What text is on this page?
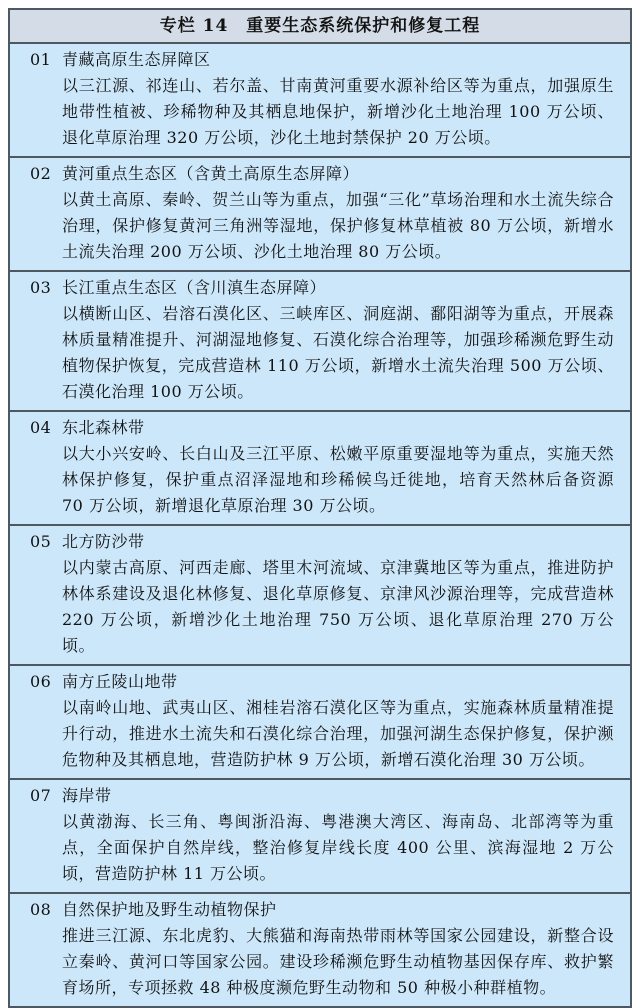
专栏 14　重要生态系统保护和修复工程
01 青藏高原生态屏障区
以三江源、祁连山、若尔盖、甘南黄河重要水源补给区等为重点，加强原生地带性植被、珍稀物种及其栖息地保护，新增沙化土地治理 100 万公顷、退化草原治理 320 万公顷，沙化土地封禁保护 20 万公顷。
02 黄河重点生态区（含黄土高原生态屏障）
以黄土高原、秦岭、贺兰山等为重点，加强“三化”草场治理和水土流失综合治理，保护修复黄河三角洲等湿地，保护修复林草植被 80 万公顷，新增水土流失治理 200 万公顷、沙化土地治理 80 万公顷。
03 长江重点生态区（含川滇生态屏障）
以横断山区、岩溶石漠化区、三峡库区、洞庭湖、鄱阳湖等为重点，开展森林质量精准提升、河湖湿地修复、石漠化综合治理等，加强珍稀濒危野生动植物保护恢复，完成营造林 110 万公顷，新增水土流失治理 500 万公顷、石漠化治理 100 万公顷。
04 东北森林带
以大小兴安岭、长白山及三江平原、松嫩平原重要湿地等为重点，实施天然林保护修复，保护重点沼泽湿地和珍稀候鸟迁徙地，培育天然林后备资源 70 万公顷，新增退化草原治理 30 万公顷。
05 北方防沙带
以内蒙古高原、河西走廊、塔里木河流域、京津冀地区等为重点，推进防护林体系建设及退化林修复、退化草原修复、京津风沙源治理等，完成营造林 220 万公顷，新增沙化土地治理 750 万公顷、退化草原治理 270 万公顷。
06 南方丘陵山地带
以南岭山地、武夷山区、湘桂岩溶石漠化区等为重点，实施森林质量精准提升行动，推进水土流失和石漠化综合治理，加强河湖生态保护修复，保护濒危物种及其栖息地，营造防护林 9 万公顷，新增石漠化治理 30 万公顷。
07 海岸带
以黄渤海、长三角、粤闽浙沿海、粤港澳大湾区、海南岛、北部湾等为重点，全面保护自然岸线，整治修复岸线长度 400 公里、滨海湿地 2 万公顷，营造防护林 11 万公顷。
08 自然保护地及野生动植物保护
推进三江源、东北虎豹、大熊猫和海南热带雨林等国家公园建设，新整合设立秦岭、黄河口等国家公园。建设珍稀濒危野生动植物基因保存库、救护繁育场所，专项拯救 48 种极度濒危野生动物和 50 种极小种群植物。
